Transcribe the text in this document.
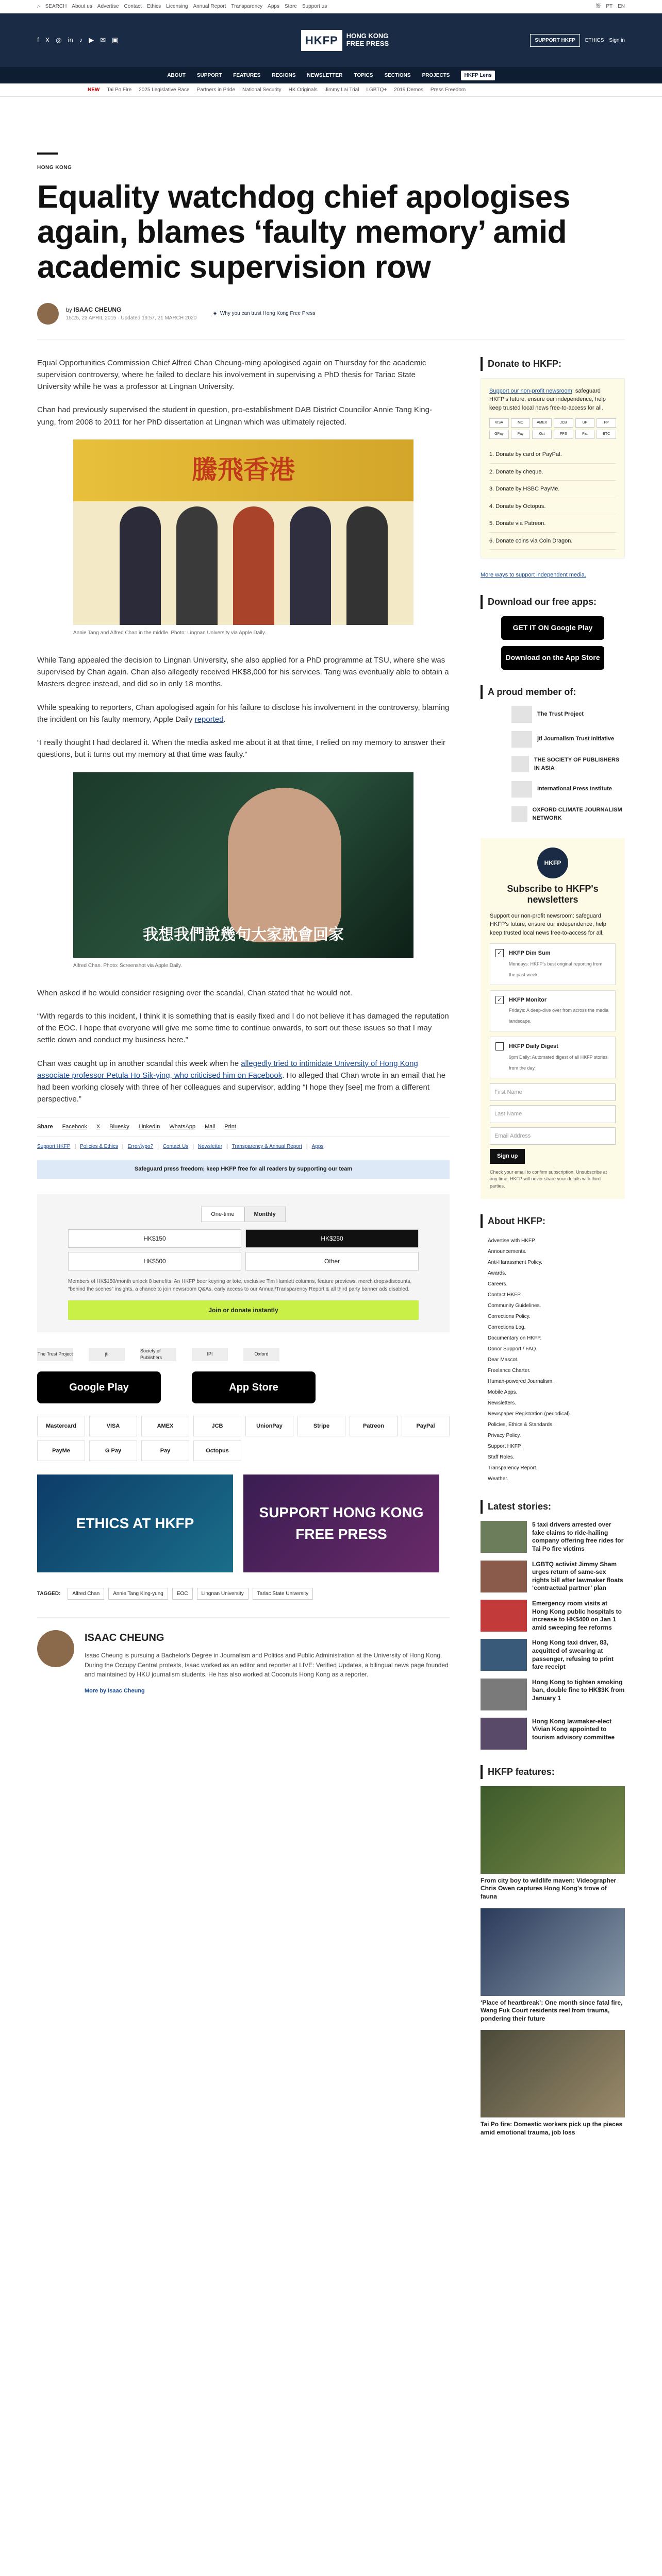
⌕ SEARCH About us Advertise Contact Ethics Licensing Annual Report Transparency Apps Store Support us	繁 PT EN
f X ◎ in ♪ ▶ ✉ ▣	HKFP	HONG KONG
FREE PRESS	SUPPORT HKFP	ETHICS Sign in
ABOUT SUPPORT FEATURES REGIONS NEWSLETTER TOPICS SECTIONS PROJECTS	HKFP Lens
NEW Tai Po Fire 2025 Legislative Race Partners in Pride National Security HK Originals Jimmy Lai Trial LGBTQ+ 2019 Demos Press Freedom
HONG KONG
Equality watchdog chief apologises again, blames ‘faulty memory’ amid academic supervision row
by ISAAC CHEUNG
15:25, 23 APRIL 2015 · Updated 19:57, 21 MARCH 2020
◈ Why you can trust Hong Kong Free Press

Equal Opportunities Commission Chief Alfred Chan Cheung-ming apologised again on Thursday for the academic supervision controversy, where he failed to declare his involvement in supervising a PhD thesis for Tariac State University while he was a professor at Lingnan University.

Chan had previously supervised the student in question, pro-establishment DAB District Councilor Annie Tang King-yung, from 2008 to 2011 for her PhD dissertation at Lingnan which was ultimately rejected.

騰飛香港
Annie Tang and Alfred Chan in the middle. Photo: Lingnan University via Apple Daily.

While Tang appealed the decision to Lingnan University, she also applied for a PhD programme at TSU, where she was supervised by Chan again. Chan also allegedly received HK$8,000 for his services. Tang was eventually able to obtain a Masters degree instead, and did so in only 18 months.

While speaking to reporters, Chan apologised again for his failure to disclose his involvement in the controversy, blaming the incident on his faulty memory, Apple Daily reported.

“I really thought I had declared it. When the media asked me about it at that time, I relied on my memory to answer their questions, but it turns out my memory at that time was faulty.”

我想我們說幾句大家就會回家
Alfred Chan. Photo: Screenshot via Apple Daily.

When asked if he would consider resigning over the scandal, Chan stated that he would not.

“With regards to this incident, I think it is something that is easily fixed and I do not believe it has damaged the reputation of the EOC. I hope that everyone will give me some time to continue onwards, to sort out these issues so that I may settle down and conduct my business here.”

Chan was caught up in another scandal this week when he allegedly tried to intimidate University of Hong Kong associate professor Petula Ho Sik-ying, who criticised him on Facebook. Ho alleged that Chan wrote in an email that he had been working closely with three of her colleagues and supervisor, adding “I hope they [see] me from a different perspective.”

Share Facebook X Bluesky LinkedIn WhatsApp Mail Print
Support HKFP | Policies & Ethics | Error/typo? | Contact Us | Newsletter | Transparency & Annual Report | Apps
Safeguard press freedom; keep HKFP free for all readers by supporting our team
One-time	Monthly
HK$150	HK$250
HK$500	Other
Members of HK$150/month unlock 8 benefits: An HKFP beer keyring or tote, exclusive Tim Hamlett columns, feature previews, merch drops/discounts, “behind the scenes” insights, a chance to join newsroom Q&As, early access to our Annual/Transparency Report & all third party banner ads disabled.
Join or donate instantly
The Trust Project	jti
Society of Publishers
IPI	Oxford
Google Play	App Store
Mastercard	VISA	AMEX	JCB	UnionPay	Stripe	Patreon	PayPal
PayMe	G Pay	Pay	Octopus
ETHICS AT HKFP
SUPPORT HONG KONG FREE PRESS
TAGGED:	Alfred Chan	Annie Tang King-yung	EOC	Lingnan University	Tarlac State University
ISAAC CHEUNG

Isaac Cheung is pursuing a Bachelor's Degree in Journalism and Politics and Public Administration at the University of Hong Kong. During the Occupy Central protests, Isaac worked as an editor and reporter at LIVE: Verified Updates, a bilingual news page founded and maintained by HKU journalism students. He has also worked at Coconuts Hong Kong as a reporter.

More by Isaac Cheung
Donate to HKFP:
Support our non-profit newsroom: safeguard HKFP's future, ensure our independence, help keep trusted local news free-to-access for all.
VISA	MC	AMEX	JCB	UP	PP
GPay	Pay	Oct	FPS	Pat	BTC
1. Donate by card or PayPal.
2. Donate by cheque.
3. Donate by HSBC PayMe.
4. Donate by Octopus.
5. Donate via Patreon.
6. Donate coins via Coin Dragon.
More ways to support independent media.
Download our free apps:
GET IT ON Google Play
Download on the App Store
A proud member of:
The Trust Project
jti Journalism Trust Initiative
THE SOCIETY OF PUBLISHERS IN ASIA
International Press Institute
OXFORD CLIMATE JOURNALISM NETWORK
HKFP
Subscribe to HKFP's newsletters
Support our non-profit newsroom: safeguard HKFP's future, ensure our independence, help keep trusted local news free-to-access for all.
✓	HKFP Dim Sum
Mondays: HKFP's best original reporting from the past week.
✓	HKFP Monitor
Fridays: A deep-dive over from across the media landscape.
HKFP Daily Digest
9pm Daily: Automated digest of all HKFP stories from the day.
First Name
Last Name
Email Address
Sign up
Check your email to confirm subscription. Unsubscribe at any time. HKFP will never share your details with third parties.
About HKFP:
Advertise with HKFP.
Announcements.
Anti-Harassment Policy.
Awards.
Careers.
Contact HKFP.
Community Guidelines.
Corrections Policy.
Corrections Log.
Documentary on HKFP.
Donor Support / FAQ.
Dear Mascot.
Freelance Charter.
Human-powered Journalism.
Mobile Apps.
Newsletters.
Newspaper Registration (periodical).
Policies, Ethics & Standards.
Privacy Policy.
Support HKFP.
Staff Roles.
Transparency Report.
Weather.
Latest stories:
5 taxi drivers arrested over fake claims to ride-hailing company offering free rides for Tai Po fire victims
LGBTQ activist Jimmy Sham urges return of same-sex rights bill after lawmaker floats ‘contractual partner’ plan
Emergency room visits at Hong Kong public hospitals to increase to HK$400 on Jan 1 amid sweeping fee reforms
Hong Kong taxi driver, 83, acquitted of swearing at passenger, refusing to print fare receipt
Hong Kong to tighten smoking ban, double fine to HK$3K from January 1
Hong Kong lawmaker-elect Vivian Kong appointed to tourism advisory committee
HKFP features:
From city boy to wildlife maven: Videographer Chris Owen captures Hong Kong's trove of fauna
‘Place of heartbreak’: One month since fatal fire, Wang Fuk Court residents reel from trauma, pondering their future
Tai Po fire: Domestic workers pick up the pieces amid emotional trauma, job loss
